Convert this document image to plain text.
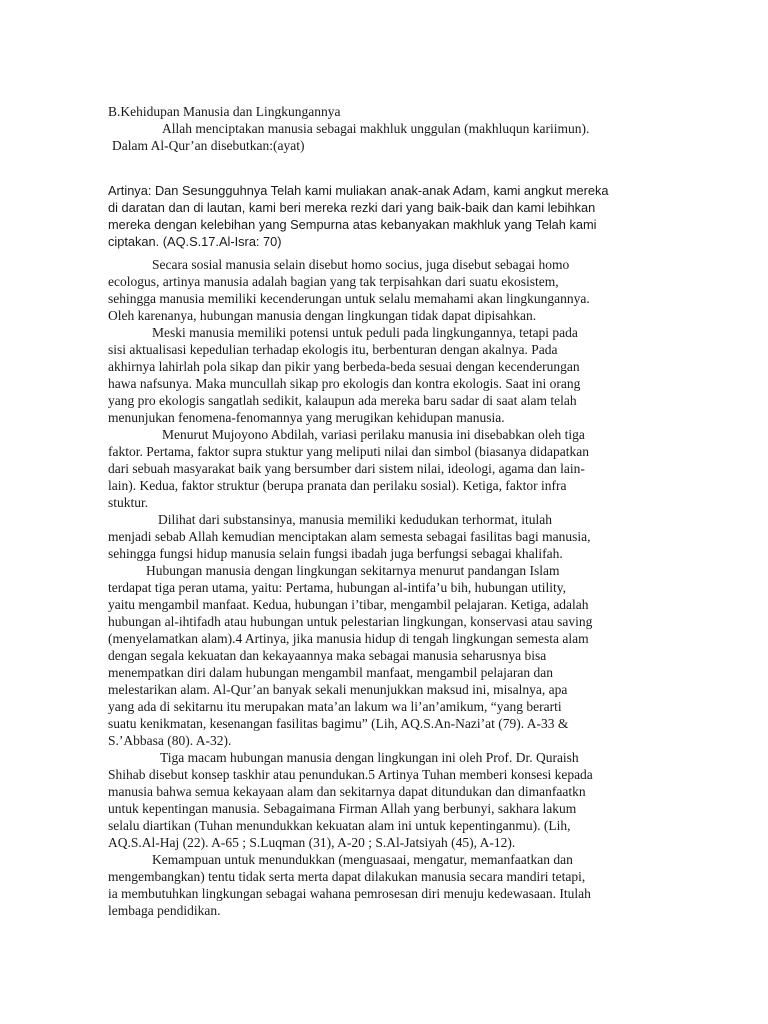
B.Kehidupan Manusia dan Lingkungannya
Allah menciptakan manusia sebagai makhluk unggulan (makhluqun kariimun).
Dalam Al-Qur’an disebutkan:(ayat)
Artinya: Dan Sesungguhnya Telah kami muliakan anak-anak Adam, kami angkut mereka
di daratan dan di lautan, kami beri mereka rezki dari yang baik-baik dan kami lebihkan
mereka dengan kelebihan yang Sempurna atas kebanyakan makhluk yang Telah kami
ciptakan. (AQ.S.17.Al-Isra: 70)
Secara sosial manusia selain disebut homo socius, juga disebut sebagai homo
ecologus, artinya manusia adalah bagian yang tak terpisahkan dari suatu ekosistem,
sehingga manusia memiliki kecenderungan untuk selalu memahami akan lingkungannya.
Oleh karenanya, hubungan manusia dengan lingkungan tidak dapat dipisahkan.
Meski manusia memiliki potensi untuk peduli pada lingkungannya, tetapi pada
sisi aktualisasi kepedulian terhadap ekologis itu, berbenturan dengan akalnya. Pada
akhirnya lahirlah pola sikap dan pikir yang berbeda-beda sesuai dengan kecenderungan
hawa nafsunya. Maka muncullah sikap pro ekologis dan kontra ekologis. Saat ini orang
yang pro ekologis sangatlah sedikit, kalaupun ada mereka baru sadar di saat alam telah
menunjukan fenomena-fenomannya yang merugikan kehidupan manusia.
Menurut Mujoyono Abdilah, variasi perilaku manusia ini disebabkan oleh tiga
faktor. Pertama, faktor supra stuktur yang meliputi nilai dan simbol (biasanya didapatkan
dari sebuah masyarakat baik yang bersumber dari sistem nilai, ideologi, agama dan lain-
lain). Kedua, faktor struktur (berupa pranata dan perilaku sosial). Ketiga, faktor infra
stuktur.
Dilihat dari substansinya, manusia memiliki kedudukan terhormat, itulah
menjadi sebab Allah kemudian menciptakan alam semesta sebagai fasilitas bagi manusia,
sehingga fungsi hidup manusia selain fungsi ibadah juga berfungsi sebagai khalifah.
Hubungan manusia dengan lingkungan sekitarnya menurut pandangan Islam
terdapat tiga peran utama, yaitu: Pertama, hubungan al-intifa’u bih, hubungan utility,
yaitu mengambil manfaat. Kedua, hubungan i’tibar, mengambil pelajaran. Ketiga, adalah
hubungan al-ihtifadh atau hubungan untuk pelestarian lingkungan, konservasi atau saving
(menyelamatkan alam).4 Artinya, jika manusia hidup di tengah lingkungan semesta alam
dengan segala kekuatan dan kekayaannya maka sebagai manusia seharusnya bisa
menempatkan diri dalam hubungan mengambil manfaat, mengambil pelajaran dan
melestarikan alam. Al-Qur’an banyak sekali menunjukkan maksud ini, misalnya, apa
yang ada di sekitarnu itu merupakan mata’an lakum wa li’an’amikum, “yang berarti
suatu kenikmatan, kesenangan fasilitas bagimu” (Lih, AQ.S.An-Nazi’at (79). A-33 &
S.’Abbasa (80). A-32).
Tiga macam hubungan manusia dengan lingkungan ini oleh Prof. Dr. Quraish
Shihab disebut konsep taskhir atau penundukan.5 Artinya Tuhan memberi konsesi kepada
manusia bahwa semua kekayaan alam dan sekitarnya dapat ditundukan dan dimanfaatkn
untuk kepentingan manusia. Sebagaimana Firman Allah yang berbunyi, sakhara lakum
selalu diartikan (Tuhan menundukkan kekuatan alam ini untuk kepentinganmu). (Lih,
AQ.S.Al-Haj (22). A-65 ; S.Luqman (31), A-20 ; S.Al-Jatsiyah (45), A-12).
Kemampuan untuk menundukkan (menguasaai, mengatur, memanfaatkan dan
mengembangkan) tentu tidak serta merta dapat dilakukan manusia secara mandiri tetapi,
ia membutuhkan lingkungan sebagai wahana pemrosesan diri menuju kedewasaan. Itulah
lembaga pendidikan.
